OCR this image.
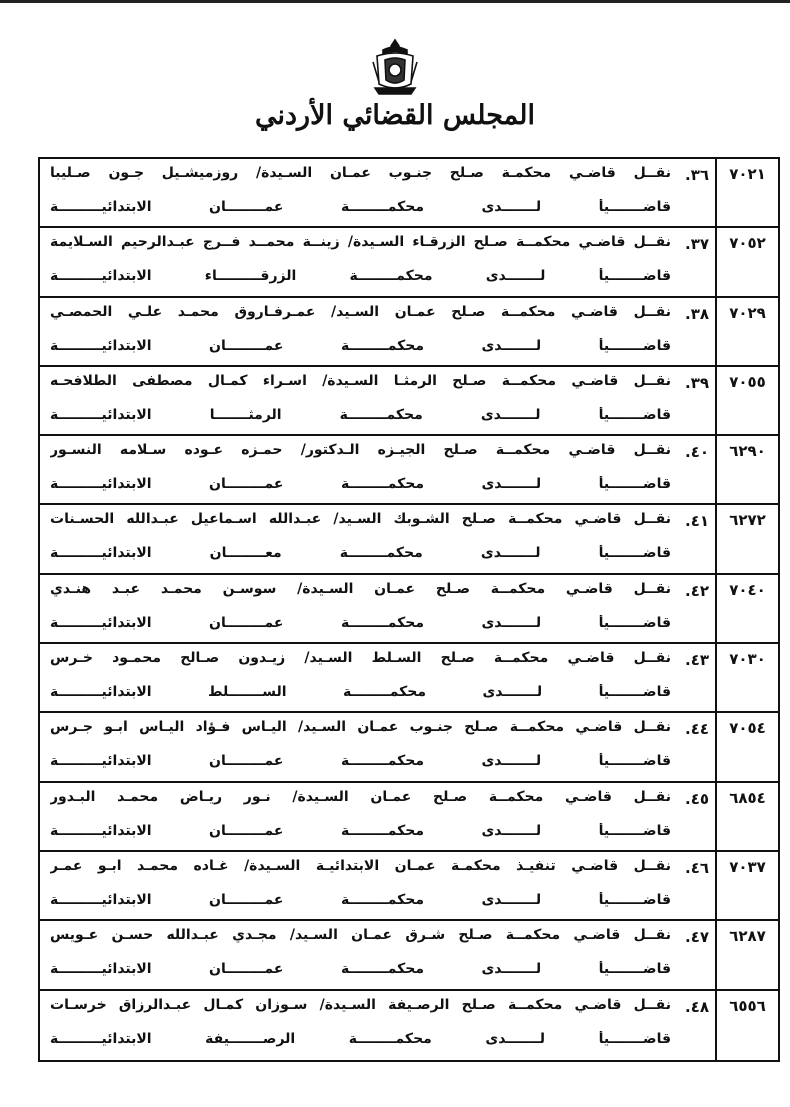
المجلس القضائي الأردني
٧٠٢١
٣٦.
نقــل قاضـي محكمـة صـلح جنـوب عمـان السـيدة/ روزميشـيل جـون صـليبا
قاضـــــــيأ لـــــــدى محكمــــــــة عمــــــــان الابتدائيـــــــــة
٧٠٥٢
٣٧.
نقــل قاضـي محكمــة صـلح الزرقـاء السـيدة/ زينــة محمــد فــرج عبـدالرحيم السـلايمة
قاضـــــــيأ لـــــــدى محكمــــــــة الزرقـــــــــاء الابتدائيـــــــــة
٧٠٢٩
٣٨.
نقــل قاضـي محكمــة صـلح عمـان السـيد/ عمـرفـاروق محمـد علـي الحمصـي
قاضـــــــيأ لـــــــدى محكمــــــــة عمــــــــان الابتدائيـــــــــة
٧٠٥٥
٣٩.
نقــل قاضـي محكمــة صـلح الرمثـا السـيدة/ اسـراء كمـال مصطفى الطلافحـه
قاضـــــــيأ لـــــــدى محكمــــــــة الرمثـــــــا الابتدائيـــــــــة
٦٢٩٠
٤٠.
نقــل قاضـي محكمــة صـلح الجيـزه الـدكتور/ حمـزه عـوده سـلامه النسـور
قاضـــــــيأ لـــــــدى محكمــــــــة عمــــــــان الابتدائيـــــــــة
٦٢٧٢
٤١.
نقــل قاضـي محكمــة صـلح الشـوبك السـيد/ عبـدالله اسـماعيل عبـدالله الحسـنات
قاضـــــــيأ لـــــــدى محكمــــــــة معــــــــان الابتدائيـــــــــة
٧٠٤٠
٤٢.
نقــل قاضـي محكمــة صـلح عمـان السـيدة/ سوسـن محمـد عبـد هنـدي
قاضـــــــيأ لـــــــدى محكمــــــــة عمــــــــان الابتدائيـــــــــة
٧٠٣٠
٤٣.
نقــل قاضـي محكمــة صـلح السـلط السـيد/ زيـدون صـالح محمـود خـرس
قاضـــــــيأ لـــــــدى محكمــــــــة الســـــــلط الابتدائيـــــــــة
٧٠٥٤
٤٤.
نقــل قاضـي محكمــة صـلح جنـوب عمـان السـيد/ اليـاس فـؤاد اليـاس ابـو جـرس
قاضـــــــيأ لـــــــدى محكمــــــــة عمــــــــان الابتدائيـــــــــة
٦٨٥٤
٤٥.
نقــل قاضـي محكمــة صـلح عمـان السـيدة/ نـور ريـاض محمـد البـدور
قاضـــــــيأ لـــــــدى محكمــــــــة عمــــــــان الابتدائيـــــــــة
٧٠٣٧
٤٦.
نقــل قاضـي تنفيـذ محكمـة عمـان الابتدائيـة السـيدة/ غـاده محمـد ابـو عمـر
قاضـــــــيأ لـــــــدى محكمــــــــة عمــــــــان الابتدائيـــــــــة
٦٢٨٧
٤٧.
نقــل قاضـي محكمــة صـلح شـرق عمـان السـيد/ مجـدي عبـدالله حسـن عـويس
قاضـــــــيأ لـــــــدى محكمــــــــة عمــــــــان الابتدائيـــــــــة
٦٥٥٦
٤٨.
نقــل قاضـي محكمــة صـلح الرصـيفة السـيدة/ سـوزان كمـال عبـدالرزاق خرسـات
قاضـــــــيأ لـــــــدى محكمــــــــة الرصـــــــيفة الابتدائيـــــــــة
